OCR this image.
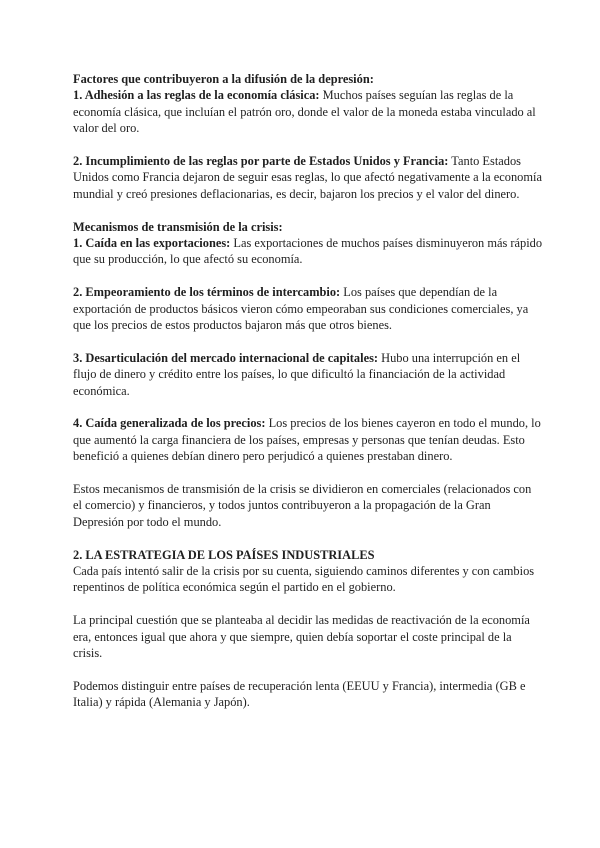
Factores que contribuyeron a la difusión de la depresión:

1. Adhesión a las reglas de la economía clásica: Muchos países seguían las reglas de la economía clásica, que incluían el patrón oro, donde el valor de la moneda estaba vinculado al valor del oro.

2. Incumplimiento de las reglas por parte de Estados Unidos y Francia: Tanto Estados Unidos como Francia dejaron de seguir esas reglas, lo que afectó negativamente a la economía mundial y creó presiones deflacionarias, es decir, bajaron los precios y el valor del dinero.

Mecanismos de transmisión de la crisis:

1. Caída en las exportaciones: Las exportaciones de muchos países disminuyeron más rápido que su producción, lo que afectó su economía.

2. Empeoramiento de los términos de intercambio: Los países que dependían de la exportación de productos básicos vieron cómo empeoraban sus condiciones comerciales, ya que los precios de estos productos bajaron más que otros bienes.

3. Desarticulación del mercado internacional de capitales: Hubo una interrupción en el flujo de dinero y crédito entre los países, lo que dificultó la financiación de la actividad económica.

4. Caída generalizada de los precios: Los precios de los bienes cayeron en todo el mundo, lo que aumentó la carga financiera de los países, empresas y personas que tenían deudas. Esto benefició a quienes debían dinero pero perjudicó a quienes prestaban dinero.

Estos mecanismos de transmisión de la crisis se dividieron en comerciales (relacionados con el comercio) y financieros, y todos juntos contribuyeron a la propagación de la Gran Depresión por todo el mundo.

2. LA ESTRATEGIA DE LOS PAÍSES INDUSTRIALES

Cada país intentó salir de la crisis por su cuenta, siguiendo caminos diferentes y con cambios repentinos de política económica según el partido en el gobierno.

La principal cuestión que se planteaba al decidir las medidas de reactivación de la economía era, entonces igual que ahora y que siempre, quien debía soportar el coste principal de la crisis.

Podemos distinguir entre países de recuperación lenta (EEUU y Francia), intermedia (GB e Italia) y rápida (Alemania y Japón).
